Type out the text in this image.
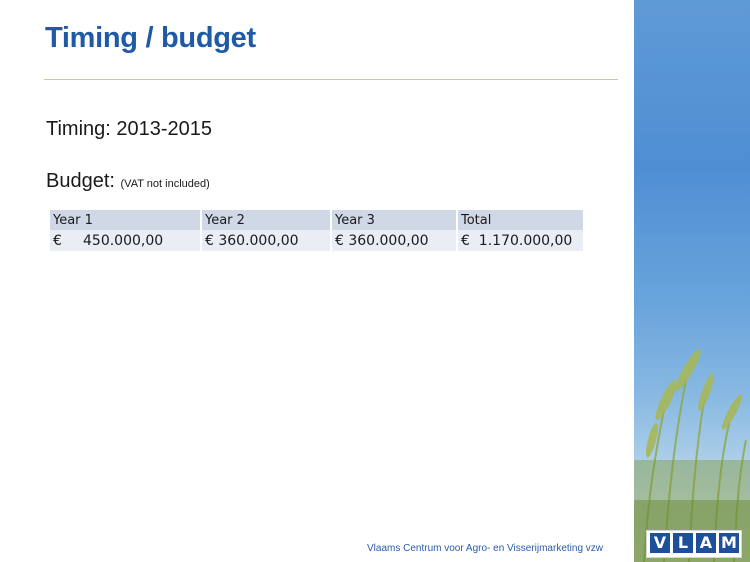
Timing / budget
Timing: 2013-2015
Budget: (VAT not included)
Year 1	Year 2	Year 3	Total
€ 450.000,00	€ 360.000,00	€ 360.000,00	€  1.170.000,00
Vlaams Centrum voor Agro- en Visserijmarketing vzw	V L A M
